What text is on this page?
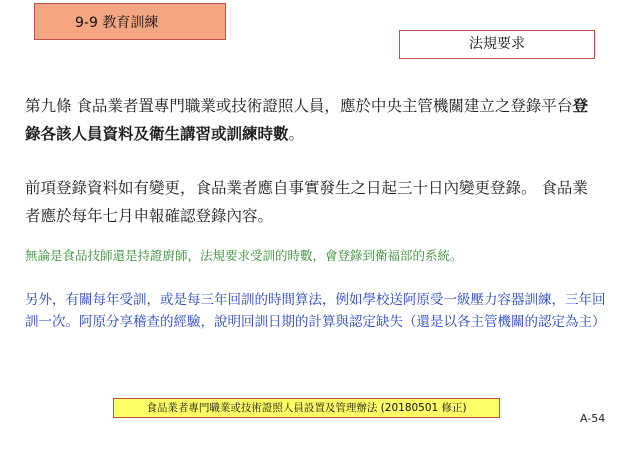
9-9 教育訓練
法規要求

第九條 食品業者置專門職業或技術證照人員，應於中央主管機關建立之登錄平台登錄各該人員資料及衛生講習或訓練時數。

前項登錄資料如有變更，食品業者應自事實發生之日起三十日內變更登錄。 食品業者應於每年七月申報確認登錄內容。

無論是食品技師還是持證廚師，法規要求受訓的時數，會登錄到衛福部的系統。

另外，有關每年受訓，或是每三年回訓的時間算法，例如學校送阿原受一級壓力容器訓練，三年回訓一次。阿原分享稽查的經驗，說明回訓日期的計算與認定缺失（還是以各主管機關的認定為主）

食品業者專門職業或技術證照人員設置及管理辦法 (20180501 修正)
A-54
